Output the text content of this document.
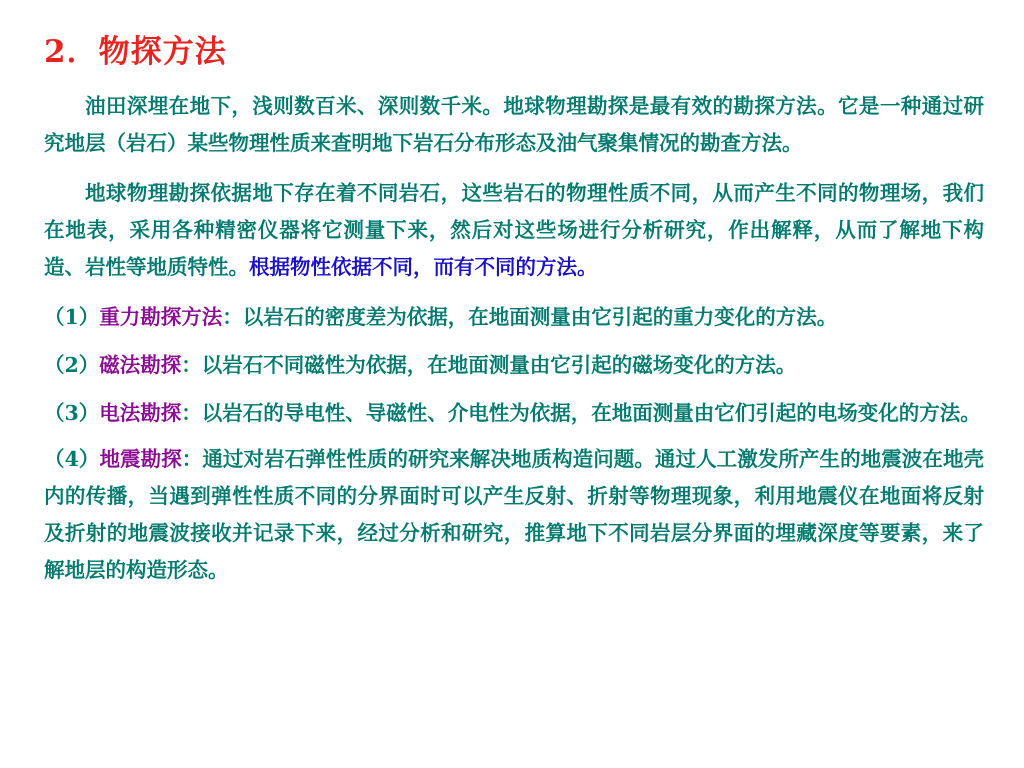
2．物探方法

油田深埋在地下，浅则数百米、深则数千米。地球物理勘探是最有效的勘探方法。它是一种通过研究地层（岩石）某些物理性质来查明地下岩石分布形态及油气聚集情况的勘查方法。

地球物理勘探依据地下存在着不同岩石，这些岩石的物理性质不同，从而产生不同的物理场，我们在地表，采用各种精密仪器将它测量下来，然后对这些场进行分析研究，作出解释，从而了解地下构造、岩性等地质特性。根据物性依据不同，而有不同的方法。

（1）重力勘探方法：以岩石的密度差为依据，在地面测量由它引起的重力变化的方法。

（2）磁法勘探：以岩石不同磁性为依据，在地面测量由它引起的磁场变化的方法。

（3）电法勘探：以岩石的导电性、导磁性、介电性为依据，在地面测量由它们引起的电场变化的方法。

（4）地震勘探：通过对岩石弹性性质的研究来解决地质构造问题。通过人工激发所产生的地震波在地壳内的传播，当遇到弹性性质不同的分界面时可以产生反射、折射等物理现象，利用地震仪在地面将反射及折射的地震波接收并记录下来，经过分析和研究，推算地下不同岩层分界面的埋藏深度等要素，来了解地层的构造形态。
